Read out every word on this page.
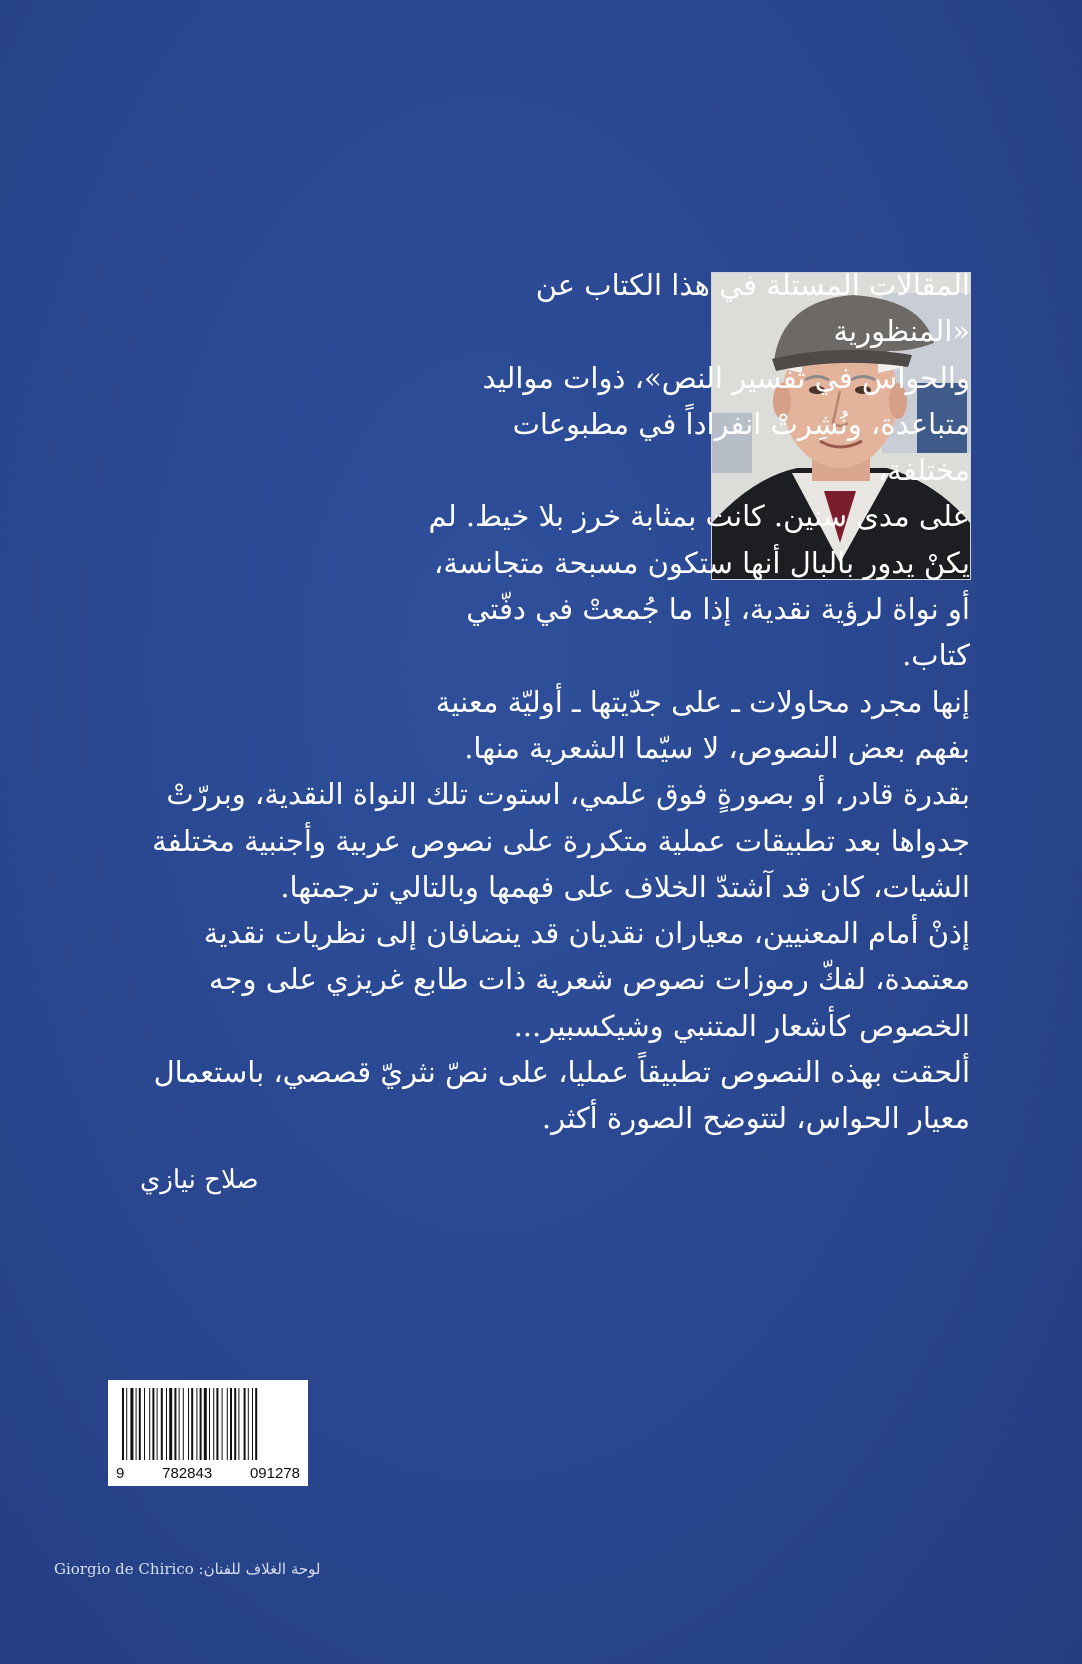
المقالات المستلة في هذا الكتاب عن «المنظورية

والحواس في تفسير النص»، ذوات مواليد

متباعدة، ونُشِرتْ انفراداً في مطبوعات مختلفة،

على مدى سنين. كانت بمثابة خرز بلا خيط. لم

يكنْ يدور بالبال أنها ستكون مسبحة متجانسة،

أو نواة لرؤية نقدية، إذا ما جُمعتْ في دفّتي كتاب.

إنها مجرد محاولات ـ على جدّيتها ـ أوليّة معنية

بفهم بعض النصوص، لا سيّما الشعرية منها.

بقدرة قادر، أو بصورةٍ فوق علمي، استوت تلك النواة النقدية، وبررّتْ جدواها بعد تطبيقات عملية متكررة على نصوص عربية وأجنبية مختلفة الشيات، كان قد آشتدّ الخلاف على فهمها وبالتالي ترجمتها.

إذنْ أمام المعنيين، معياران نقديان قد ينضافان إلى نظريات نقدية معتمدة، لفكّ رموزات نصوص شعرية ذات طابع غريزي على وجه الخصوص كأشعار المتنبي وشيكسبير...

ألحقت بهذه النصوص تطبيقاً عمليا، على نصّ نثريّ قصصي، باستعمال معيار الحواس، لتتوضح الصورة أكثر.

صلاح نيازي
9	782843	091278
لوحة الغلاف للفنان: Giorgio de Chirico
